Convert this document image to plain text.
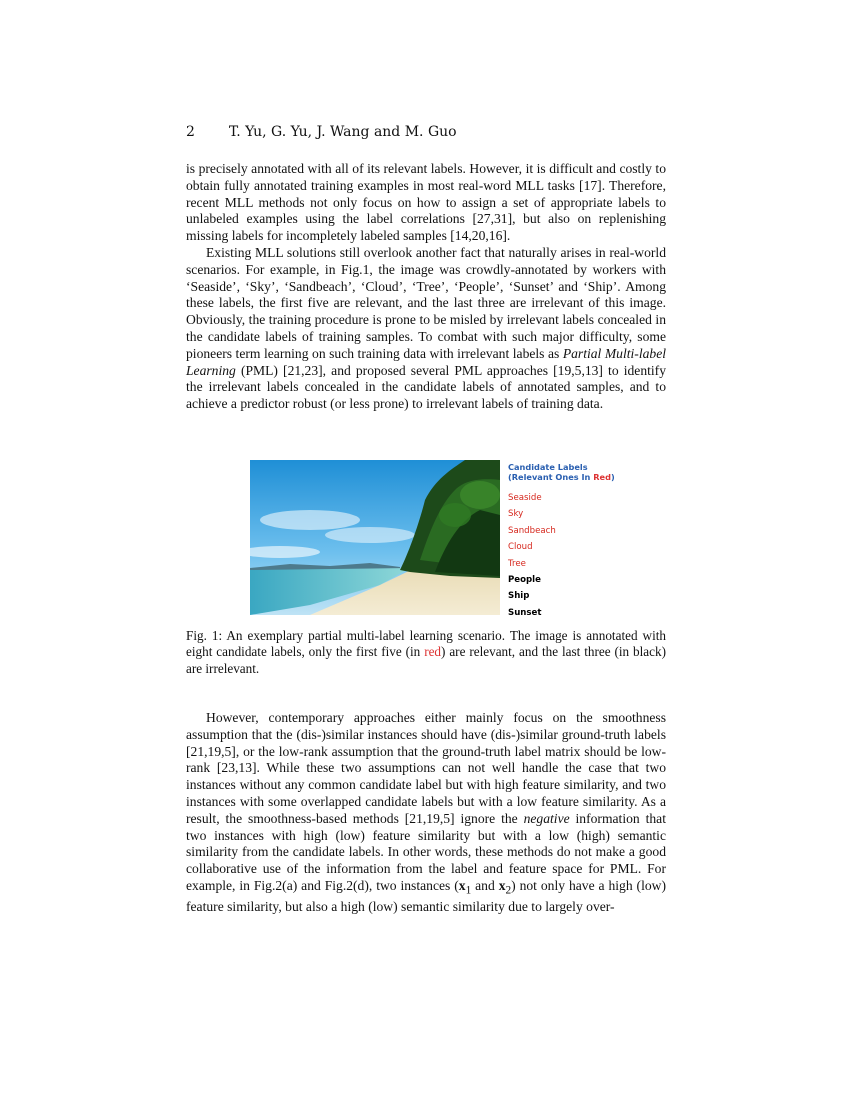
2 T. Yu, G. Yu, J. Wang and M. Guo

is precisely annotated with all of its relevant labels. However, it is difficult and costly to obtain fully annotated training examples in most real-word MLL tasks [17]. Therefore, recent MLL methods not only focus on how to assign a set of appropriate labels to unlabeled examples using the label correlations [27,31], but also on replenishing missing labels for incompletely labeled samples [14,20,16].

Existing MLL solutions still overlook another fact that naturally arises in real-world scenarios. For example, in Fig.1, the image was crowdly-annotated by workers with ‘Seaside’, ‘Sky’, ‘Sandbeach’, ‘Cloud’, ‘Tree’, ‘People’, ‘Sunset’ and ‘Ship’. Among these labels, the first five are relevant, and the last three are irrelevant of this image. Obviously, the training procedure is prone to be misled by irrelevant labels concealed in the candidate labels of training samples. To combat with such major difficulty, some pioneers term learning on such training data with irrelevant labels as Partial Multi-label Learning (PML) [21,23], and proposed several PML approaches [19,5,13] to identify the irrelevant labels concealed in the candidate labels of annotated samples, and to achieve a predictor robust (or less prone) to irrelevant labels of training data.

Candidate Labels
(Relevant Ones In Red)
Seaside
Sky
Sandbeach
Cloud
Tree
People
Ship
Sunset
Fig. 1: An exemplary partial multi-label learning scenario. The image is annotated with eight candidate labels, only the first five (in red) are relevant, and the last three (in black) are irrelevant.

However, contemporary approaches either mainly focus on the smoothness assumption that the (dis-)similar instances should have (dis-)similar ground-truth labels [21,19,5], or the low-rank assumption that the ground-truth label matrix should be low-rank [23,13]. While these two assumptions can not well handle the case that two instances without any common candidate label but with high feature similarity, and two instances with some overlapped candidate labels but with a low feature similarity. As a result, the smoothness-based methods [21,19,5] ignore the negative information that two instances with high (low) feature similarity but with a low (high) semantic similarity from the candidate labels. In other words, these methods do not make a good collaborative use of the information from the label and feature space for PML. For example, in Fig.2(a) and Fig.2(d), two instances ($x_1$ and $x_2$) not only have a high (low) feature similarity, but also a high (low) semantic similarity due to largely over-
